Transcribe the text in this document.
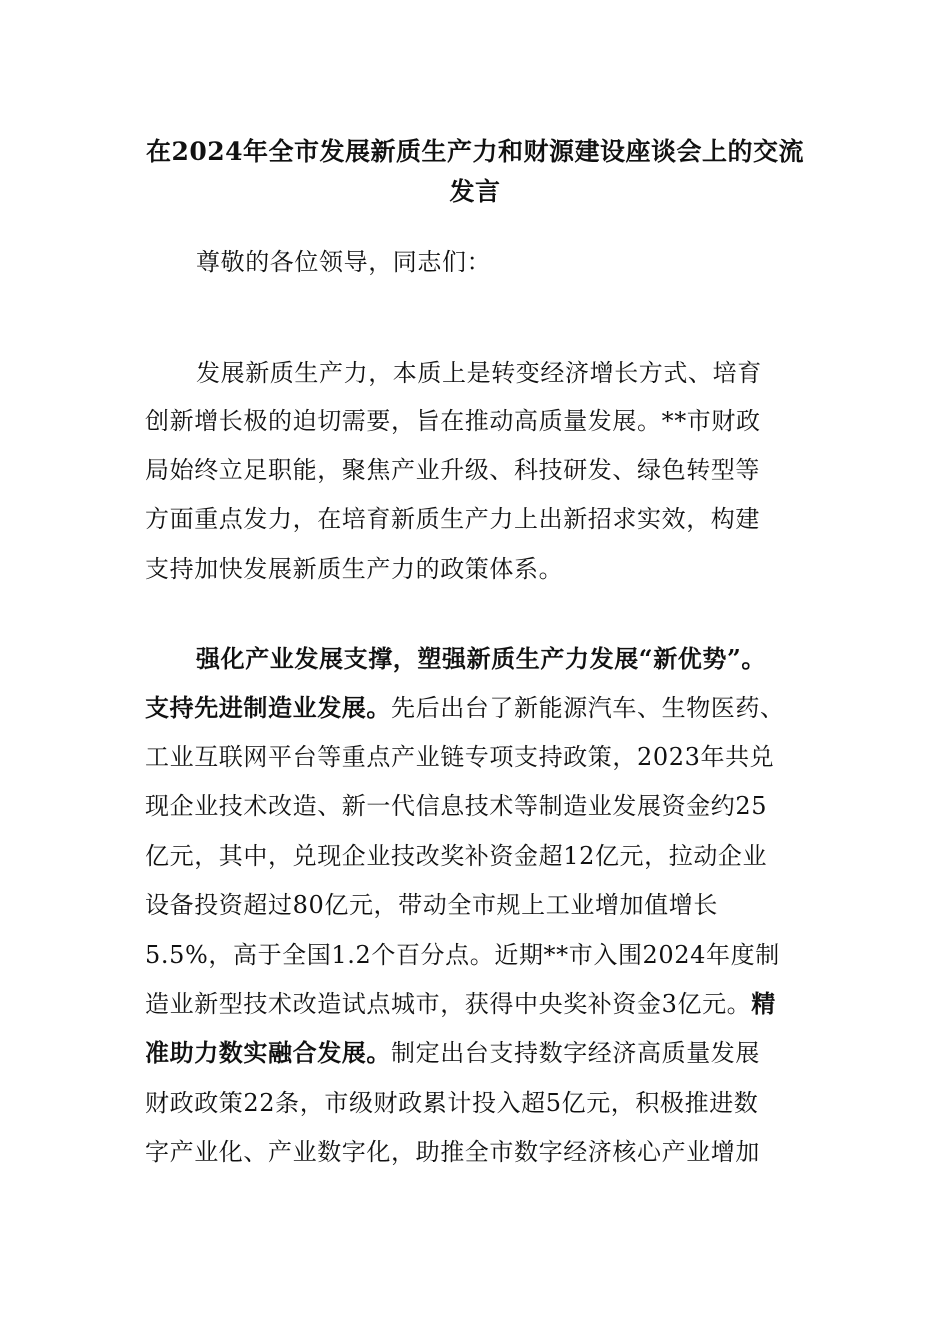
在2024年全市发展新质生产力和财源建设座谈会上的交流
发言
尊敬的各位领导，同志们：
发展新质生产力，本质上是转变经济增长方式、培育
创新增长极的迫切需要，旨在推动高质量发展。**市财政
局始终立足职能，聚焦产业升级、科技研发、绿色转型等
方面重点发力，在培育新质生产力上出新招求实效，构建
支持加快发展新质生产力的政策体系。
强化产业发展支撑，塑强新质生产力发展“新优势”。
支持先进制造业发展。先后出台了新能源汽车、生物医药、
工业互联网平台等重点产业链专项支持政策，2023年共兑
现企业技术改造、新一代信息技术等制造业发展资金约25
亿元，其中，兑现企业技改奖补资金超12亿元，拉动企业
设备投资超过80亿元，带动全市规上工业增加值增长
5.5%，高于全国1.2个百分点。近期**市入围2024年度制
造业新型技术改造试点城市，获得中央奖补资金3亿元。精
准助力数实融合发展。制定出台支持数字经济高质量发展
财政政策22条，市级财政累计投入超5亿元，积极推进数
字产业化、产业数字化，助推全市数字经济核心产业增加
